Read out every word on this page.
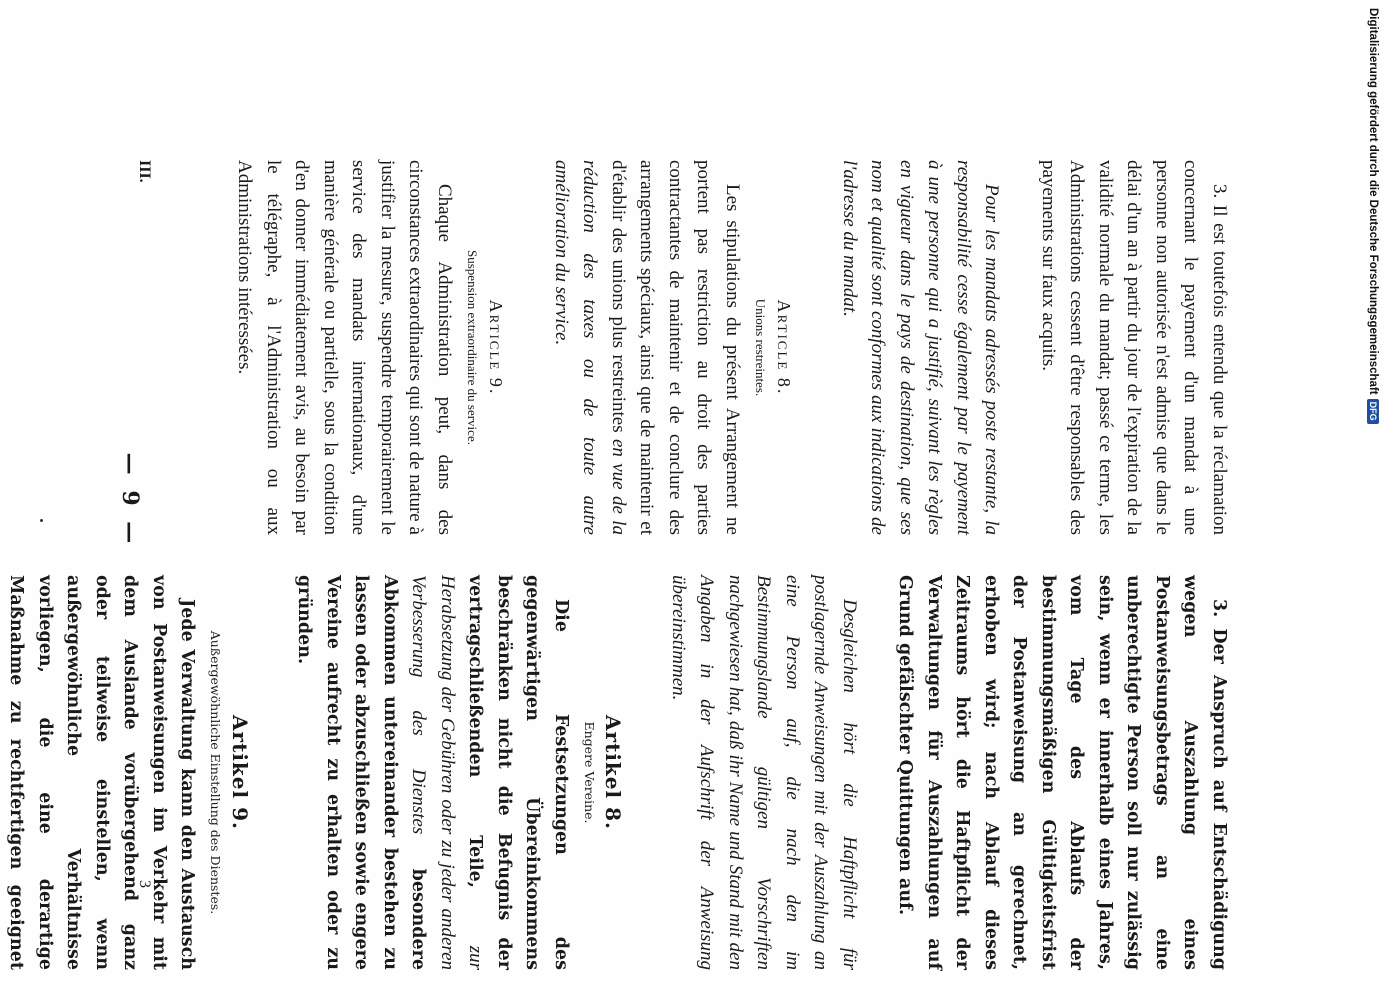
— 9 —	3. Il est toutefois entendu que la réclamation concernant le payement d'un mandat à une personne non autorisée n'est admise que dans le délai d'un an à partir du jour de l'expiration de la validité normale du mandat; passé ce terme, les Administrations cessent d'être responsables des payements sur faux acquits.

Pour les mandats adressés poste restante, la responsabilité cesse également par le payement à une personne qui a justifié, suivant les règles en vigueur dans le pays de destination, que ses nom et qualité sont conformes aux indications de l'adresse du mandat.

Article 8.
Unions restreintes.

Les stipulations du présent Arrangement ne portent pas restriction au droit des parties contractantes de maintenir et de conclure des arrangements spéciaux, ainsi que de maintenir et d'établir des unions plus restreintes en vue de la réduction des taxes ou de toute autre amélioration du service.

Article 9.
Suspension extraordinaire du service.

Chaque Administration peut, dans des circonstances extraordinaires qui sont de nature à justifier la mesure, suspendre temporairement le service des mandats internationaux, d'une manière générale ou partielle, sous la condition d'en donner immédiatement avis, au besoin par le télégraphe, à l'Administration ou aux Administrations intéressées.

3. Der Anspruch auf Entschädigung wegen Auszahlung eines Postanweisungsbetrags an eine unberechtigte Person soll nur zulässig sein, wenn er innerhalb eines Jahres, vom Tage des Ablaufs der bestimmungsmäßigen Gültigkeitsfrist der Postanweisung an gerechnet, erhoben wird; nach Ablauf dieses Zeitraums hört die Haftpflicht der Verwaltungen für Auszahlungen auf Grund gefälschter Quittungen auf.

Desgleichen hört die Haftpflicht für postlagernde Anweisungen mit der Auszahlung an eine Person auf, die nach den im Bestimmungslande gültigen Vorschriften nachgewiesen hat, daß ihr Name und Stand mit den Angaben in der Aufschrift der Anweisung übereinstimmen.

Artikel 8.
Engere Vereine.

Die Festsetzungen des gegenwärtigen Übereinkommens beschränken nicht die Befugnis der vertragschließenden Teile, zur Herabsetzung der Gebühren oder zu jeder anderen Verbesserung des Dienstes besondere Abkommen untereinander bestehen zu lassen oder abzuschließen sowie engere Vereine aufrecht zu erhalten oder zu gründen.

Artikel 9.
Außergewöhnliche Einstellung des Dienstes.

Jede Verwaltung kann den Austausch von Postanweisungen im Verkehr mit dem Auslande vorübergehend ganz oder teilweise einstellen, wenn außergewöhnliche Verhältnisse vorliegen, die eine derartige Maßnahme zu rechtfertigen geeignet

III.
3
Digitalisierung gefördert durch die Deutsche Forschungsgemeinschaft
DFG
